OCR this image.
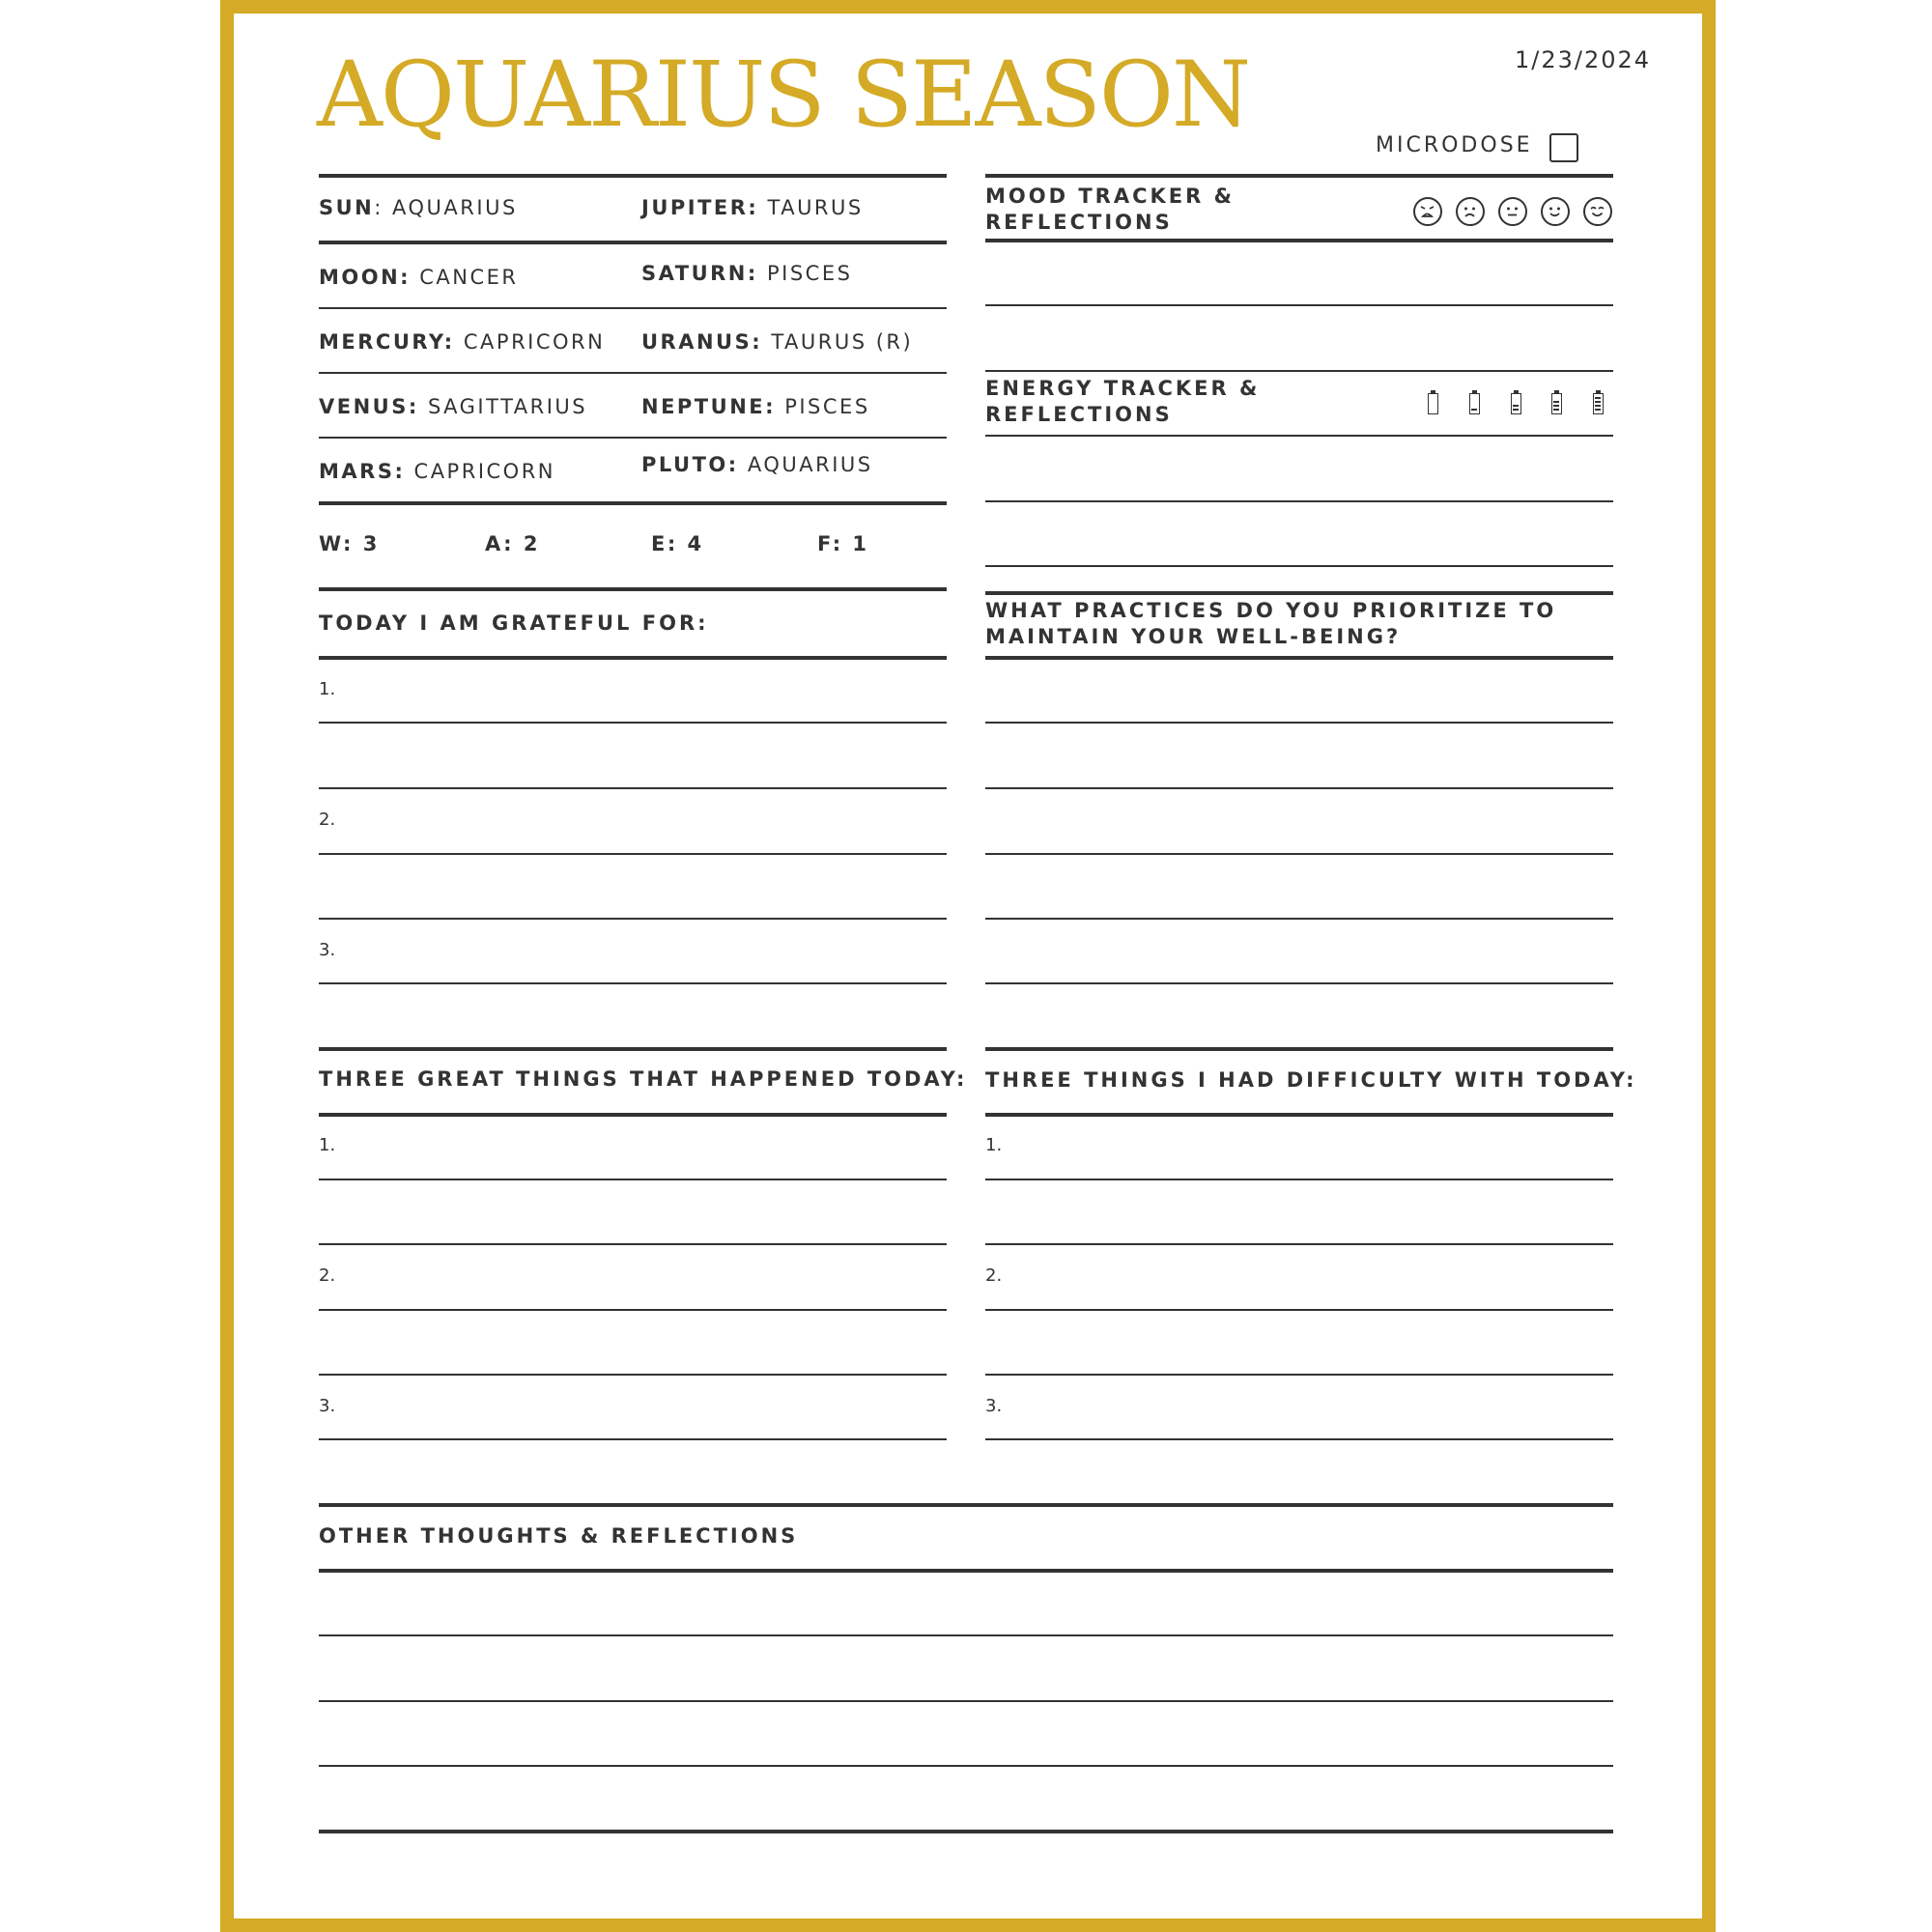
AQUARIUS SEASON	1/23/2024
MICRODOSE
SUN: AQUARIUS	JUPITER: TAURUS
MOON: CANCER	SATURN: PISCES
MERCURY: CAPRICORN URANUS: TAURUS (R)
VENUS: SAGITTARIUS	NEPTUNE: PISCES
MARS: CAPRICORN	PLUTO: AQUARIUS
W: 3	A: 2	E: 4	F: 1
MOOD TRACKER &
REFLECTIONS
ENERGY TRACKER &
REFLECTIONS
TODAY I AM GRATEFUL FOR:
1.
2.
3.
WHAT PRACTICES DO YOU PRIORITIZE TO
MAINTAIN YOUR WELL-BEING?
THREE GREAT THINGS THAT HAPPENED TODAY:
1.
2.
3.
THREE THINGS I HAD DIFFICULTY WITH TODAY:
1.
2.
3.
OTHER THOUGHTS & REFLECTIONS
